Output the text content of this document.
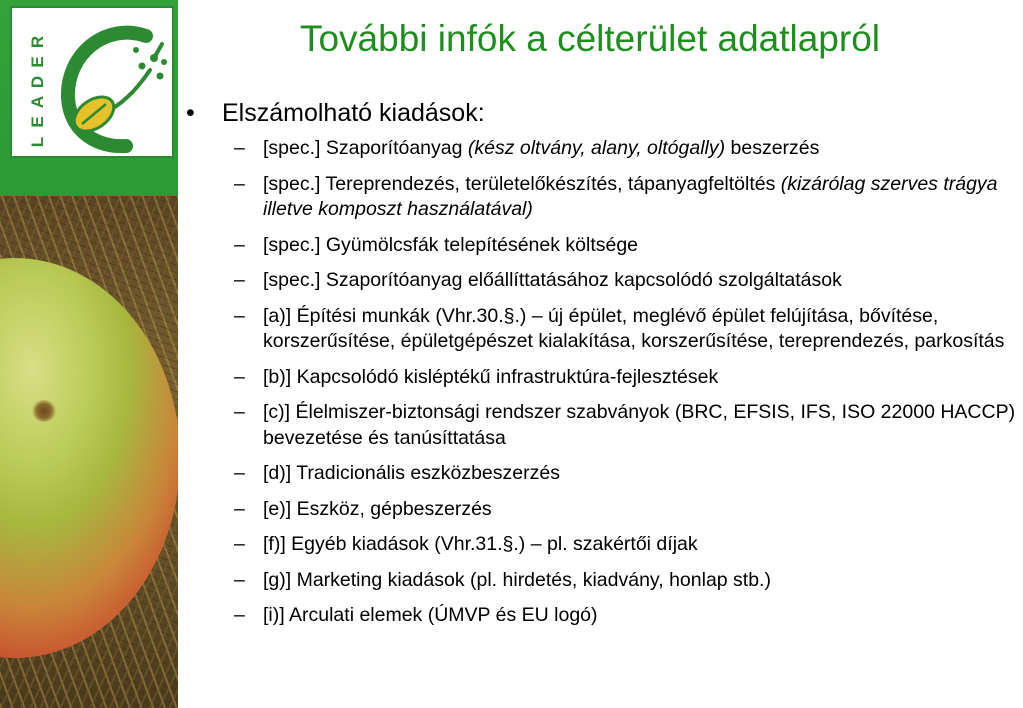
R
E
D
A
E
L
További infók a célterület adatlapról
• Elszámolható kiadások:
– [spec.] Szaporítóanyag (kész oltvány, alany, oltógally) beszerzés
– [spec.] Tereprendezés, területelőkészítés, tápanyagfeltöltés (kizárólag szerves trágya illetve komposzt használatával)
– [spec.] Gyümölcsfák telepítésének költsége
– [spec.] Szaporítóanyag előállíttatásához kapcsolódó szolgáltatások
– [a)] Építési munkák (Vhr.30.§.) – új épület, meglévő épület felújítása, bővítése, korszerűsítése, épületgépészet kialakítása, korszerűsítése, tereprendezés, parkosítás
– [b)] Kapcsolódó kisléptékű infrastruktúra-fejlesztések
– [c)] Élelmiszer-biztonsági rendszer szabványok (BRC, EFSIS, IFS, ISO 22000 HACCP) bevezetése és tanúsíttatása
– [d)] Tradicionális eszközbeszerzés
– [e)] Eszköz, gépbeszerzés
– [f)] Egyéb kiadások (Vhr.31.§.) – pl. szakértői díjak
– [g)] Marketing kiadások (pl. hirdetés, kiadvány, honlap stb.)
– [i)] Arculati elemek (ÚMVP és EU logó)
